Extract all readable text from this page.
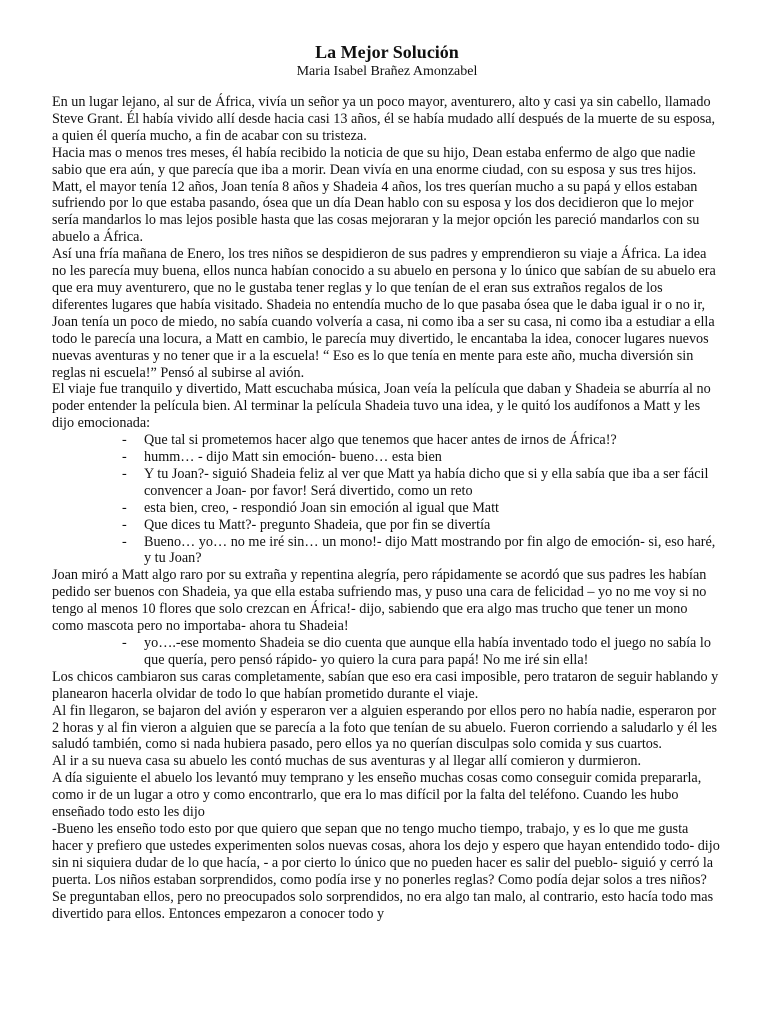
La Mejor Solución
Maria Isabel Brañez Amonzabel

En un lugar lejano, al sur de África, vivía un señor ya un poco mayor, aventurero, alto y casi ya sin cabello, llamado Steve Grant. Él había vivido allí desde hacia casi 13 años, él se había mudado allí después de la muerte de su esposa, a quien él quería mucho, a fin de acabar con su tristeza.

Hacia mas o menos tres meses, él había recibido la noticia de que su hijo, Dean estaba enfermo de algo que nadie sabio que era aún, y que parecía que iba a morir. Dean vivía en una enorme ciudad, con su esposa y sus tres hijos. Matt, el mayor tenía 12 años, Joan tenía 8 años y Shadeia 4 años, los tres querían mucho a su papá y ellos estaban sufriendo por lo que estaba pasando, ósea que un día Dean hablo con su esposa y los dos decidieron que lo mejor sería mandarlos lo mas lejos posible hasta que las cosas mejoraran y la mejor opción les pareció mandarlos con su abuelo a África.

Así una fría mañana de Enero, los tres niños se despidieron de sus padres y emprendieron su viaje a África. La idea no les parecía muy buena, ellos nunca habían conocido a su abuelo en persona y lo único que sabían de su abuelo era que era muy aventurero, que no le gustaba tener reglas y lo que tenían de el eran sus extraños regalos de los diferentes lugares que había visitado. Shadeia no entendía mucho de lo que pasaba ósea que le daba igual ir o no ir, Joan tenía un poco de miedo, no sabía cuando volvería a casa, ni como iba a ser su casa, ni como iba a estudiar a ella todo le parecía una locura, a Matt en cambio, le parecía muy divertido, le encantaba la idea, conocer lugares nuevos nuevas aventuras y no tener que ir a la escuela! “ Eso es lo que tenía en mente para este año, mucha diversión sin reglas ni escuela!” Pensó al subirse al avión.

El viaje fue tranquilo y divertido, Matt escuchaba música, Joan veía la película que daban y Shadeia se aburría al no poder entender la película bien. Al terminar la película Shadeia tuvo una idea, y le quitó los audífonos a Matt y les dijo emocionada:

- Que tal si prometemos hacer algo que tenemos que hacer antes de irnos de África!?
- humm… - dijo Matt sin emoción- bueno… esta bien
- Y tu Joan?- siguió Shadeia feliz al ver que Matt ya había dicho que si y ella sabía que iba a ser fácil convencer a Joan- por favor! Será divertido, como un reto
- esta bien, creo, - respondió Joan sin emoción al igual que Matt
- Que dices tu Matt?- pregunto Shadeia, que por fin se divertía
- Bueno… yo… no me iré sin… un mono!- dijo Matt mostrando por fin algo de emoción- si, eso haré, y tu Joan?

Joan miró a Matt algo raro por su extraña y repentina alegría, pero rápidamente se acordó que sus padres les habían pedido ser buenos con Shadeia, ya que ella estaba sufriendo mas, y puso una cara de felicidad – yo no me voy si no tengo al menos 10 flores que solo crezcan en África!- dijo, sabiendo que era algo mas trucho que tener un mono como mascota pero no importaba- ahora tu Shadeia!

- yo….-ese momento Shadeia se dio cuenta que aunque ella había inventado todo el juego no sabía lo que quería, pero pensó rápido- yo quiero la cura para papá! No me iré sin ella!

Los chicos cambiaron sus caras completamente, sabían que eso era casi imposible, pero trataron de seguir hablando y planearon hacerla olvidar de todo lo que habían prometido durante el viaje.

Al fin llegaron, se bajaron del avión y esperaron ver a alguien esperando por ellos pero no había nadie, esperaron por 2 horas y al fin vieron a alguien que se parecía a la foto que tenían de su abuelo. Fueron corriendo a saludarlo y él les saludó también, como si nada hubiera pasado, pero ellos ya no querían disculpas solo comida y sus cuartos.

Al ir a su nueva casa su abuelo les contó muchas de sus aventuras y al llegar allí comieron y durmieron.

A día siguiente el abuelo los levantó muy temprano y les enseño muchas cosas como conseguir comida prepararla, como ir de un lugar a otro y como encontrarlo, que era lo mas difícil por la falta del teléfono. Cuando les hubo enseñado todo esto les dijo

-Bueno les enseño todo esto por que quiero que sepan que no tengo mucho tiempo, trabajo, y es lo que me gusta hacer y prefiero que ustedes experimenten solos nuevas cosas, ahora los dejo y espero que hayan entendido todo- dijo sin ni siquiera dudar de lo que hacía, - a por cierto lo único que no pueden hacer es salir del pueblo- siguió y cerró la puerta. Los niños estaban sorprendidos, como podía irse y no ponerles reglas? Como podía dejar solos a tres niños? Se preguntaban ellos, pero no preocupados solo sorprendidos, no era algo tan malo, al contrario, esto hacía todo mas divertido para ellos. Entonces empezaron a conocer todo y
